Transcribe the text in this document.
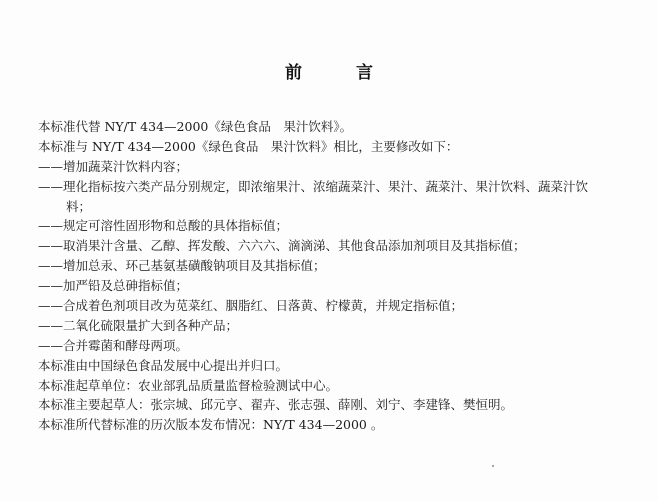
前 言
本标准代替 NY/T 434—2000《绿色食品　果汁饮料》。
本标准与 NY/T 434—2000《绿色食品　果汁饮料》相比，主要修改如下：
——增加蔬菜汁饮料内容；
——理化指标按六类产品分别规定，即浓缩果汁、浓缩蔬菜汁、果汁、蔬菜汁、果汁饮料、蔬菜汁饮
料；
——规定可溶性固形物和总酸的具体指标值；
——取消果汁含量、乙醇、挥发酸、六六六、滴滴涕、其他食品添加剂项目及其指标值；
——增加总汞、环己基氨基磺酸钠项目及其指标值；
——加严铅及总砷指标值；
——合成着色剂项目改为苋菜红、胭脂红、日落黄、柠檬黄，并规定指标值；
——二氧化硫限量扩大到各种产品；
——合并霉菌和酵母两项。
本标准由中国绿色食品发展中心提出并归口。
本标准起草单位：农业部乳品质量监督检验测试中心。
本标准主要起草人：张宗城、邱元亨、翟卉、张志强、薛刚、刘宁、李建锋、樊恒明。
本标准所代替标准的历次版本发布情况：NY/T 434—2000 。
